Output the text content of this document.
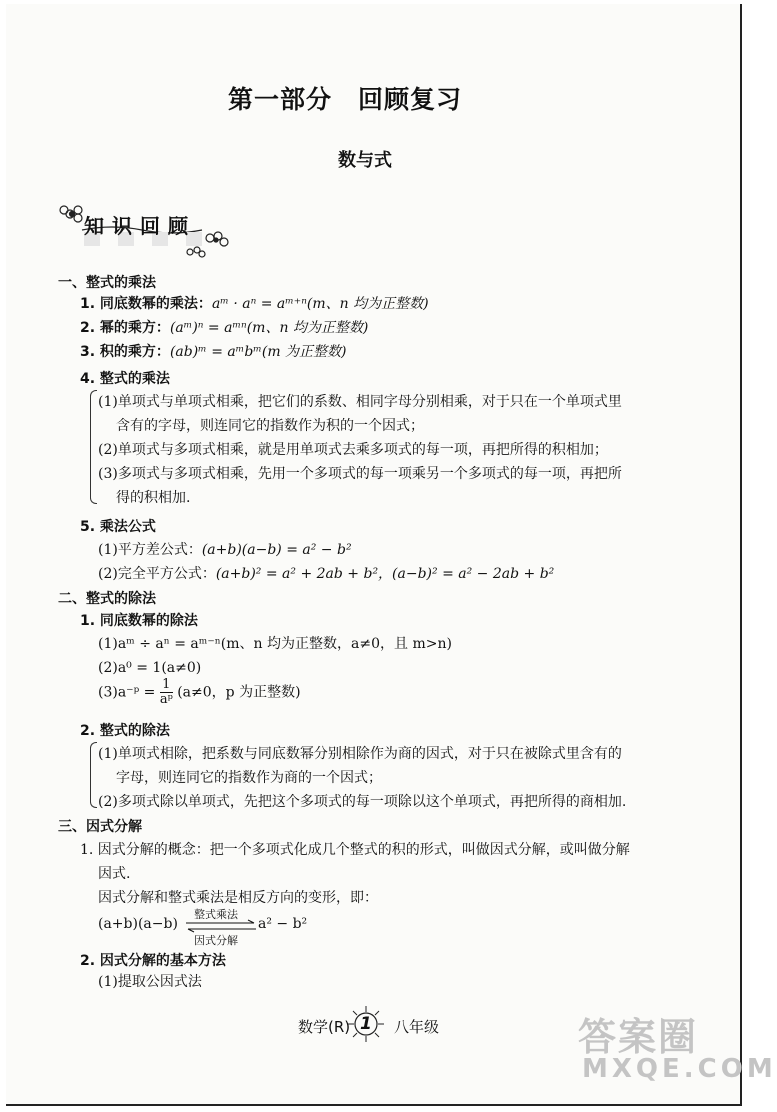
第一部分　回顾复习
数与式
知识回顾
一、整式的乘法
1. 同底数幂的乘法：aᵐ · aⁿ = aᵐ⁺ⁿ(m、n 均为正整数)
2. 幂的乘方：(aᵐ)ⁿ = aᵐⁿ(m、n 均为正整数)
3. 积的乘方：(ab)ᵐ = aᵐbᵐ(m 为正整数)
4. 整式的乘法
(1)单项式与单项式相乘，把它们的系数、相同字母分别相乘，对于只在一个单项式里
含有的字母，则连同它的指数作为积的一个因式；
(2)单项式与多项式相乘，就是用单项式去乘多项式的每一项，再把所得的积相加；
(3)多项式与多项式相乘，先用一个多项式的每一项乘另一个多项式的每一项，再把所
得的积相加.
5. 乘法公式
(1)平方差公式：(a+b)(a−b) = a² − b²
(2)完全平方公式：(a+b)² = a² + 2ab + b²，(a−b)² = a² − 2ab + b²
二、整式的除法
1. 同底数幂的除法
(1)aᵐ ÷ aⁿ = aᵐ⁻ⁿ(m、n 均为正整数，a≠0，且 m>n)
(2)a⁰ = 1(a≠0)
(3)a⁻ᵖ = $\frac{1}{\text{aᵖ}} (a\ne 0$，p 为正整数)
2. 整式的除法
(1)单项式相除，把系数与同底数幂分别相除作为商的因式，对于只在被除式里含有的
字母，则连同它的指数作为商的一个因式；
(2)多项式除以单项式，先把这个多项式的每一项除以这个单项式，再把所得的商相加.
三、因式分解
1. 因式分解的概念：把一个多项式化成几个整式的积的形式，叫做因式分解，或叫做分解
因式.
因式分解和整式乘法是相反方向的变形，即：
(a+b)(a−b)
整式乘法
因式分解
a² − b²
2. 因式分解的基本方法
(1)提取公因式法
数学(R) 1 八年级	答案圈
MXQE.COM
